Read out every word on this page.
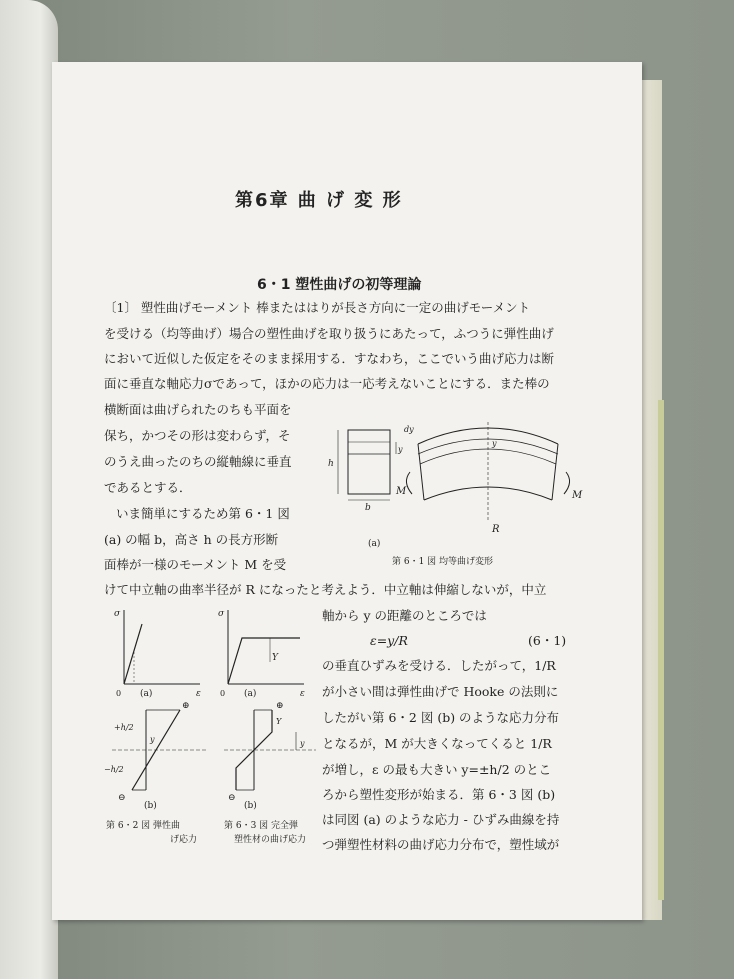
第6章 曲 げ 変 形
6・1 塑性曲げの初等理論
〔1〕 塑性曲げモーメント 棒またははりが長さ方向に一定の曲げモーメント
を受ける（均等曲げ）場合の塑性曲げを取り扱うにあたって，ふつうに弾性曲げ
において近似した仮定をそのまま採用する．すなわち，ここでいう曲げ応力は断
面に垂直な軸応力σであって，ほかの応力は一応考えないことにする．また棒の
横断面は曲げられたのちも平面を
保ち，かつその形は変わらず，そ
のうえ曲ったのちの縦軸線に垂直
であるとする．
いま簡単にするため第 6・1 図
(a) の幅 b，高さ h の長方形断
面棒が一様のモーメント M を受
けて中立軸の曲率半径が R になったと考えよう．中立軸は伸縮しないが，中立
軸から y の距離のところでは
ε=y/R	(6・1)
の垂直ひずみを受ける．したがって，1/R
が小さい間は弾性曲げで Hooke の法則に
したがい第 6・2 図 (b) のような応力分布
となるが，M が大きくなってくると 1/R
が増し，ε の最も大きい y=±h/2 のとこ
ろから塑性変形が始まる．第 6・3 図 (b)
は同図 (a) のような応力 - ひずみ曲線を持
つ弾塑性材料の曲げ応力分布で，塑性域が
b
h
y
dy
(a)
M	M
R
y
第 6・1 図 均等曲げ変形
σ
ε
0 (a)
σ
ε
0
Y
(a)
⊕
⊖
+h/2
−h/2
y
(b)
⊕
⊖
Y
y
(b)
第 6・2 図 弾性曲
げ応力
第 6・3 図 完全弾
塑性材の曲げ応力
